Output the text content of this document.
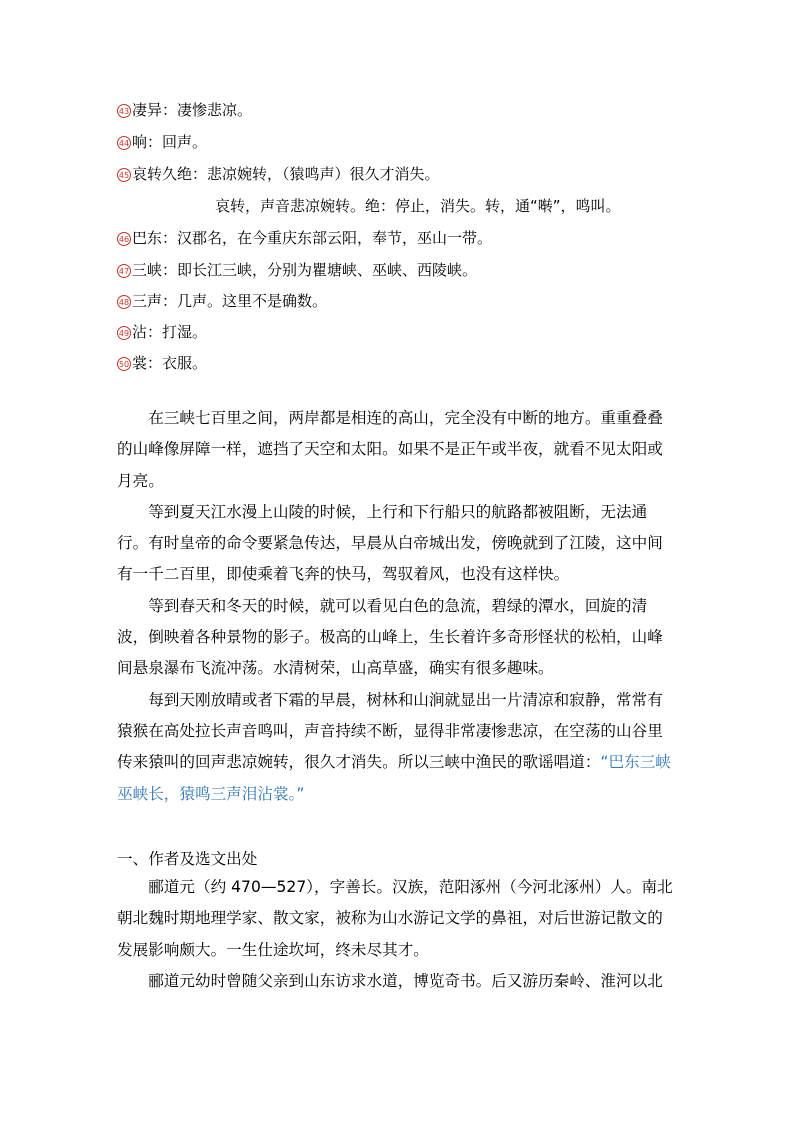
43 凄异：凄惨悲凉。
44 响：回声。
45 哀转久绝：悲凉婉转，（猿鸣声）很久才消失。
哀转，声音悲凉婉转。绝：停止，消失。转，通“啭”，鸣叫。
46 巴东：汉郡名，在今重庆东部云阳，奉节，巫山一带。
47 三峡：即长江三峡，分别为瞿塘峡、巫峡、西陵峡。
48 三声：几声。这里不是确数。
49 沾：打湿。
50 裳：衣服。

在三峡七百里之间，两岸都是相连的高山，完全没有中断的地方。重重叠叠的山峰像屏障一样，遮挡了天空和太阳。如果不是正午或半夜，就看不见太阳或月亮。

等到夏天江水漫上山陵的时候，上行和下行船只的航路都被阻断，无法通行。有时皇帝的命令要紧急传达，早晨从白帝城出发，傍晚就到了江陵，这中间有一千二百里，即使乘着飞奔的快马，驾驭着风，也没有这样快。

等到春天和冬天的时候，就可以看见白色的急流，碧绿的潭水，回旋的清波，倒映着各种景物的影子。极高的山峰上，生长着许多奇形怪状的松柏，山峰间悬泉瀑布飞流冲荡。水清树荣，山高草盛，确实有很多趣味。

每到天刚放晴或者下霜的早晨，树林和山涧就显出一片清凉和寂静，常常有猿猴在高处拉长声音鸣叫，声音持续不断，显得非常凄惨悲凉，在空荡的山谷里传来猿叫的回声悲凉婉转，很久才消失。所以三峡中渔民的歌谣唱道：“巴东三峡巫峡长，猿鸣三声泪沾裳。”

一、作者及选文出处

郦道元（约 470—527），字善长。汉族，范阳涿州（今河北涿州）人。南北朝北魏时期地理学家、散文家，被称为山水游记文学的鼻祖，对后世游记散文的发展影响颇大。一生仕途坎坷，终未尽其才。

郦道元幼时曾随父亲到山东访求水道，博览奇书。后又游历秦岭、淮河以北
